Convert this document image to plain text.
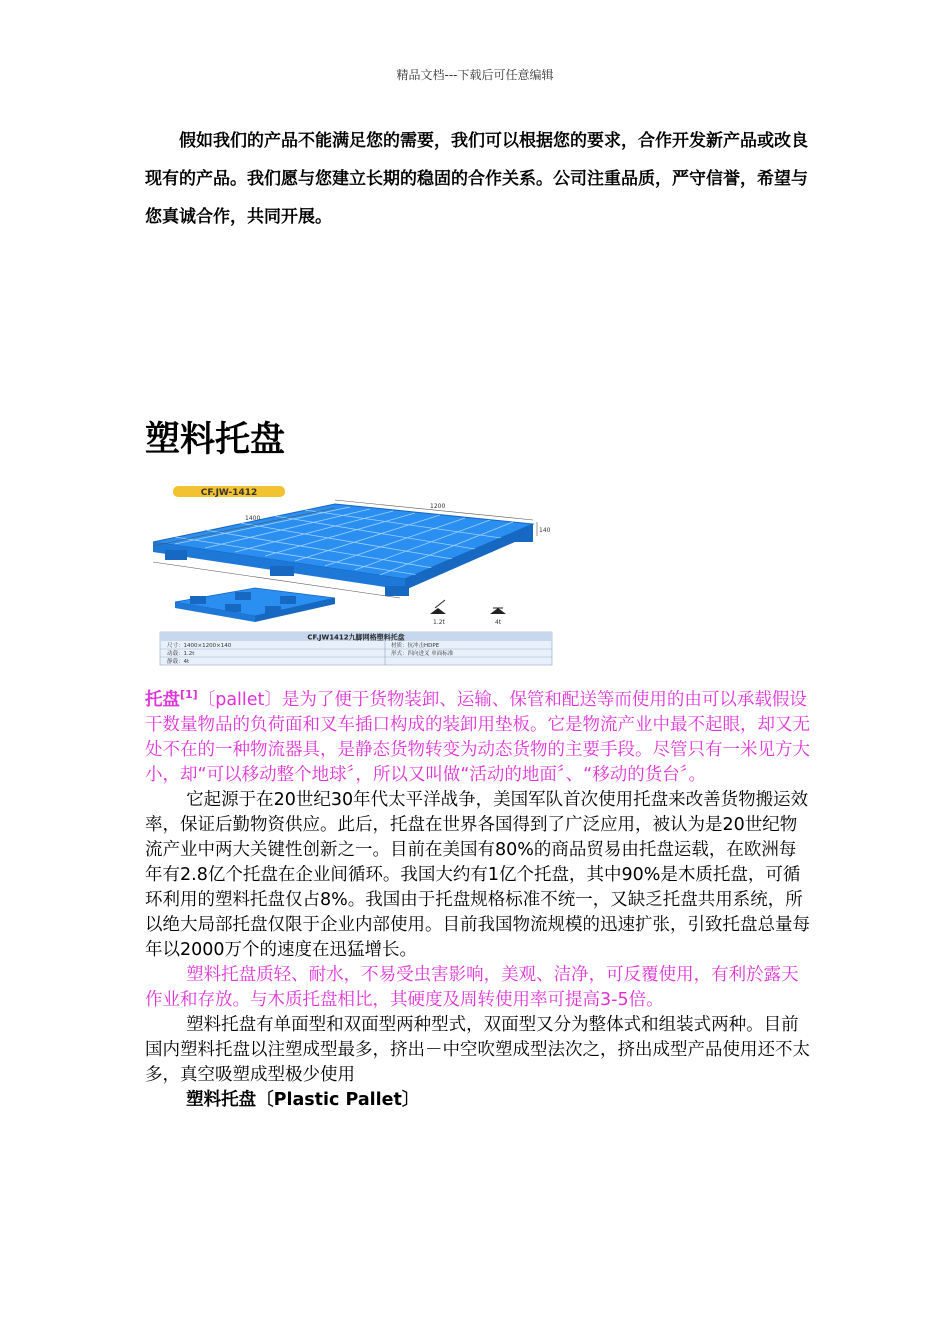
精品文档---下载后可任意编辑

假如我们的产品不能满足您的需要，我们可以根据您的要求，合作开发新产品或改良现有的产品。我们愿与您建立长期的稳固的合作关系。公司注重品质，严守信誉，希望与您真诚合作，共同开展。

塑料托盘
CF.JW-1412
1400
1200
140
1.2t	4t
CF.JW1412九脚网格塑料托盘
尺寸：1400×1200×140	材质：抗冲击HDPE
动载：1.2t	形式：四向进叉 单面标准
静载：4t

托盘[1]〔pallet〕是为了便于货物装卸、运输、保管和配送等而使用的由可以承载假设干数量物品的负荷面和叉车插口构成的装卸用垫板。它是物流产业中最不起眼，却又无处不在的一种物流器具，是静态货物转变为动态货物的主要手段。尽管只有一米见方大小，却“可以移动整个地球〞，所以又叫做“活动的地面〞、“移动的货台〞。

它起源于在20世纪30年代太平洋战争，美国军队首次使用托盘来改善货物搬运效率，保证后勤物资供应。此后，托盘在世界各国得到了广泛应用，被认为是20世纪物流产业中两大关键性创新之一。目前在美国有80%的商品贸易由托盘运载，在欧洲每年有2.8亿个托盘在企业间循环。我国大约有1亿个托盘，其中90%是木质托盘，可循环利用的塑料托盘仅占8%。我国由于托盘规格标准不统一，又缺乏托盘共用系统，所以绝大局部托盘仅限于企业内部使用。目前我国物流规模的迅速扩张，引致托盘总量每年以2000万个的速度在迅猛增长。

塑料托盘质轻、耐水，不易受虫害影响，美观、洁净，可反覆使用，有利於露天作业和存放。与木质托盘相比，其硬度及周转使用率可提高3-5倍。

塑料托盘有单面型和双面型两种型式，双面型又分为整体式和组装式两种。目前国内塑料托盘以注塑成型最多，挤出－中空吹塑成型法次之，挤出成型产品使用还不太多，真空吸塑成型极少使用

塑料托盘〔Plastic Pallet〕
